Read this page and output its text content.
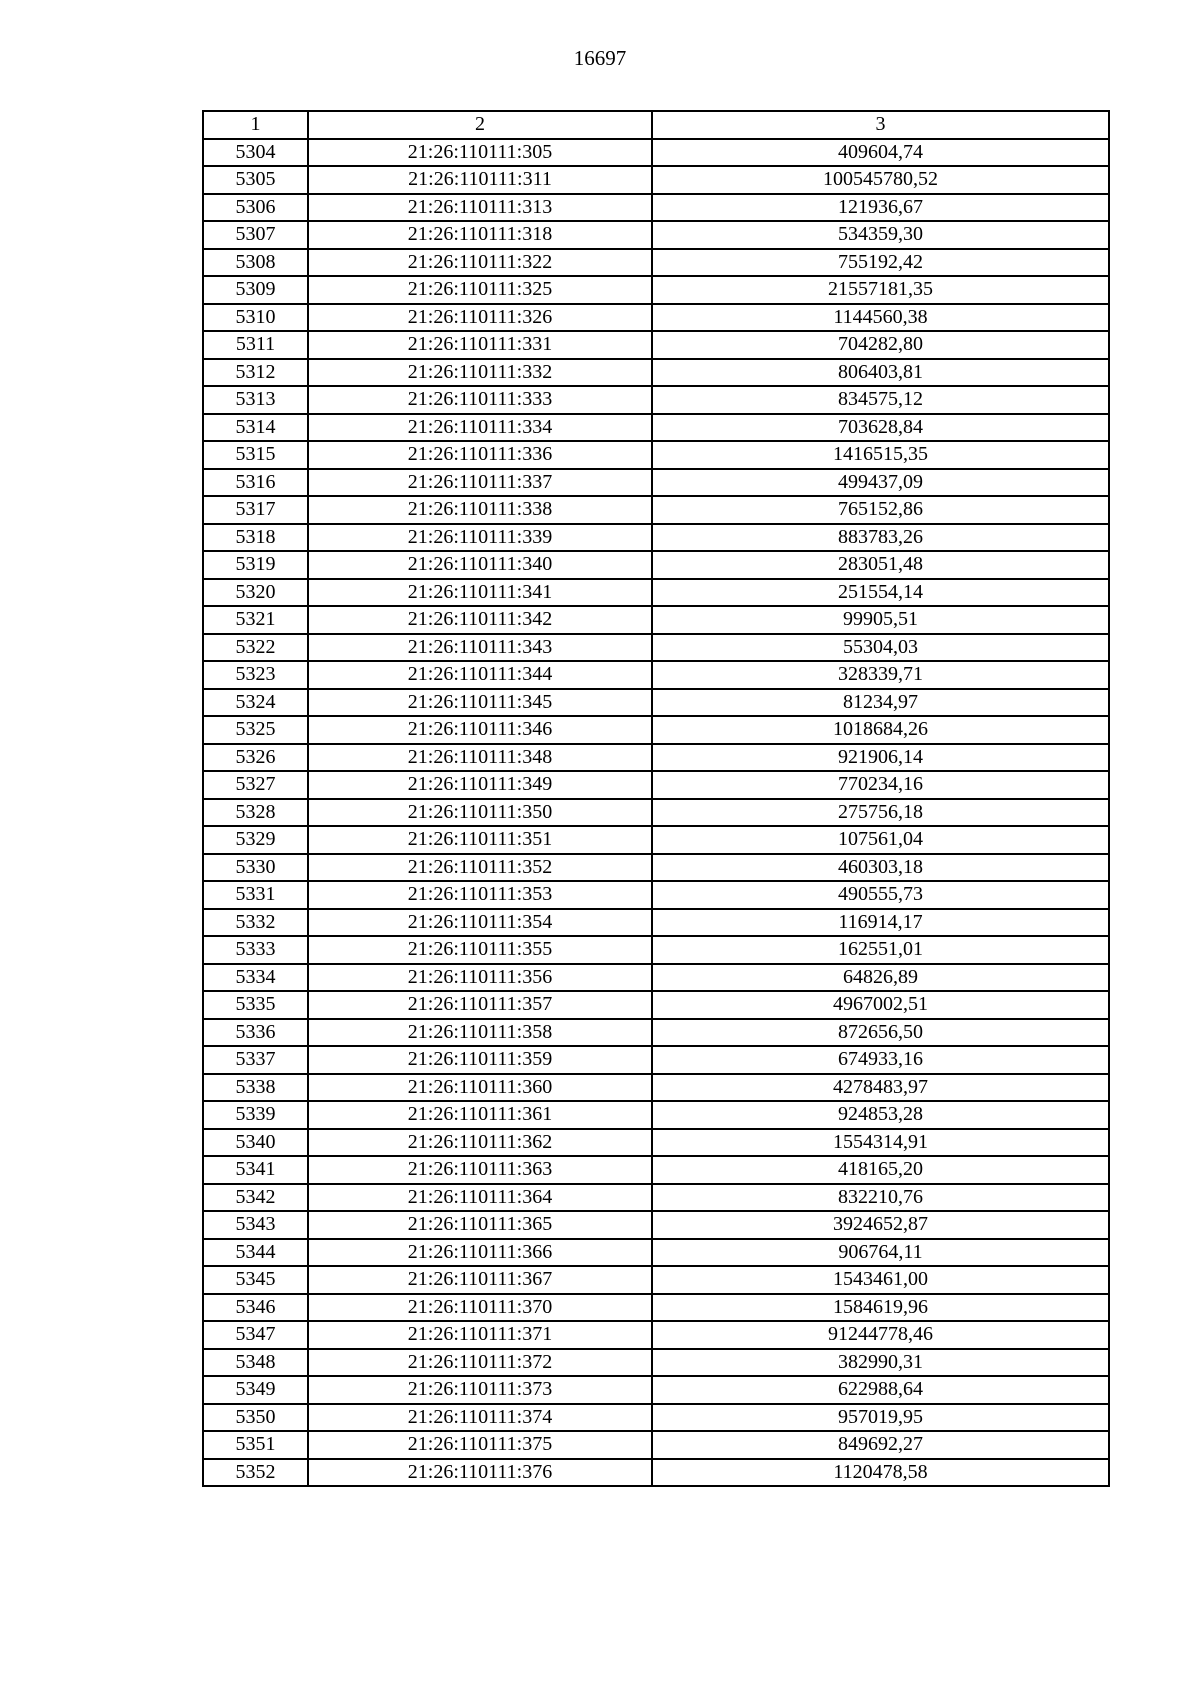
16697
1	2	3
5304	21:26:110111:305	409604,74
5305	21:26:110111:311	100545780,52
5306	21:26:110111:313	121936,67
5307	21:26:110111:318	534359,30
5308	21:26:110111:322	755192,42
5309	21:26:110111:325	21557181,35
5310	21:26:110111:326	1144560,38
5311	21:26:110111:331	704282,80
5312	21:26:110111:332	806403,81
5313	21:26:110111:333	834575,12
5314	21:26:110111:334	703628,84
5315	21:26:110111:336	1416515,35
5316	21:26:110111:337	499437,09
5317	21:26:110111:338	765152,86
5318	21:26:110111:339	883783,26
5319	21:26:110111:340	283051,48
5320	21:26:110111:341	251554,14
5321	21:26:110111:342	99905,51
5322	21:26:110111:343	55304,03
5323	21:26:110111:344	328339,71
5324	21:26:110111:345	81234,97
5325	21:26:110111:346	1018684,26
5326	21:26:110111:348	921906,14
5327	21:26:110111:349	770234,16
5328	21:26:110111:350	275756,18
5329	21:26:110111:351	107561,04
5330	21:26:110111:352	460303,18
5331	21:26:110111:353	490555,73
5332	21:26:110111:354	116914,17
5333	21:26:110111:355	162551,01
5334	21:26:110111:356	64826,89
5335	21:26:110111:357	4967002,51
5336	21:26:110111:358	872656,50
5337	21:26:110111:359	674933,16
5338	21:26:110111:360	4278483,97
5339	21:26:110111:361	924853,28
5340	21:26:110111:362	1554314,91
5341	21:26:110111:363	418165,20
5342	21:26:110111:364	832210,76
5343	21:26:110111:365	3924652,87
5344	21:26:110111:366	906764,11
5345	21:26:110111:367	1543461,00
5346	21:26:110111:370	1584619,96
5347	21:26:110111:371	91244778,46
5348	21:26:110111:372	382990,31
5349	21:26:110111:373	622988,64
5350	21:26:110111:374	957019,95
5351	21:26:110111:375	849692,27
5352	21:26:110111:376	1120478,58
